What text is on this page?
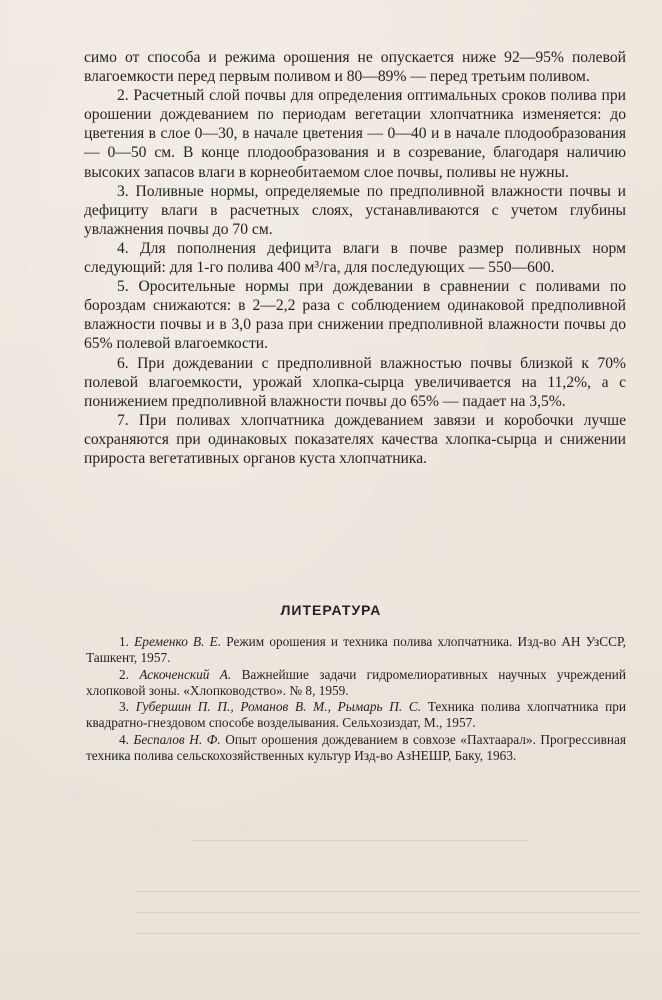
симо от способа и режима орошения не опускается ниже 92—95% полевой влагоемкости перед первым поливом и 80—89% — перед третьим поливом.

2. Расчетный слой почвы для определения оптимальных сроков полива при орошении дождеванием по периодам вегетации хлопчатника изменяется: до цветения в слое 0—30, в начале цветения — 0—40 и в начале плодообразования — 0—50 см. В конце плодообразования и в созревание, благодаря наличию высоких запасов влаги в корнеобитаемом слое почвы, поливы не нужны.

3. Поливные нормы, определяемые по предполивной влажности почвы и дефициту влаги в расчетных слоях, устанавливаются с учетом глубины увлажнения почвы до 70 см.

4. Для пополнения дефицита влаги в почве размер поливных норм следующий: для 1-го полива 400 м³/га, для последующих — 550—600.

5. Оросительные нормы при дождевании в сравнении с поливами по бороздам снижаются: в 2—2,2 раза с соблюдением одинаковой предполивной влажности почвы и в 3,0 раза при снижении предполивной влажности почвы до 65% полевой влагоемкости.

6. При дождевании с предполивной влажностью почвы близкой к 70% полевой влагоемкости, урожай хлопка-сырца увеличивается на 11,2%, а с понижением предполивной влажности почвы до 65% — падает на 3,5%.

7. При поливах хлопчатника дождеванием завязи и коробочки лучше сохраняются при одинаковых показателях качества хлопка-сырца и снижении прироста вегетативных органов куста хлопчатника.

ЛИТЕРАТУРА

1. Еременко В. Е. Режим орошения и техника полива хлопчатника. Изд-во АН УзССР, Ташкент, 1957.

2. Аскоченский А. Важнейшие задачи гидромелиоративных научных учреждений хлопковой зоны. «Хлопководство». № 8, 1959.

3. Губершин П. П., Романов В. М., Рымарь П. С. Техника полива хлопчатника при квадратно-гнездовом способе возделывания. Сельхозиздат, М., 1957.

4. Беспалов Н. Ф. Опыт орошения дождеванием в совхозе «Пахтаарал». Прогрессивная техника полива сельскохозяйственных культур Изд-во АзНЕШР, Баку, 1963.
